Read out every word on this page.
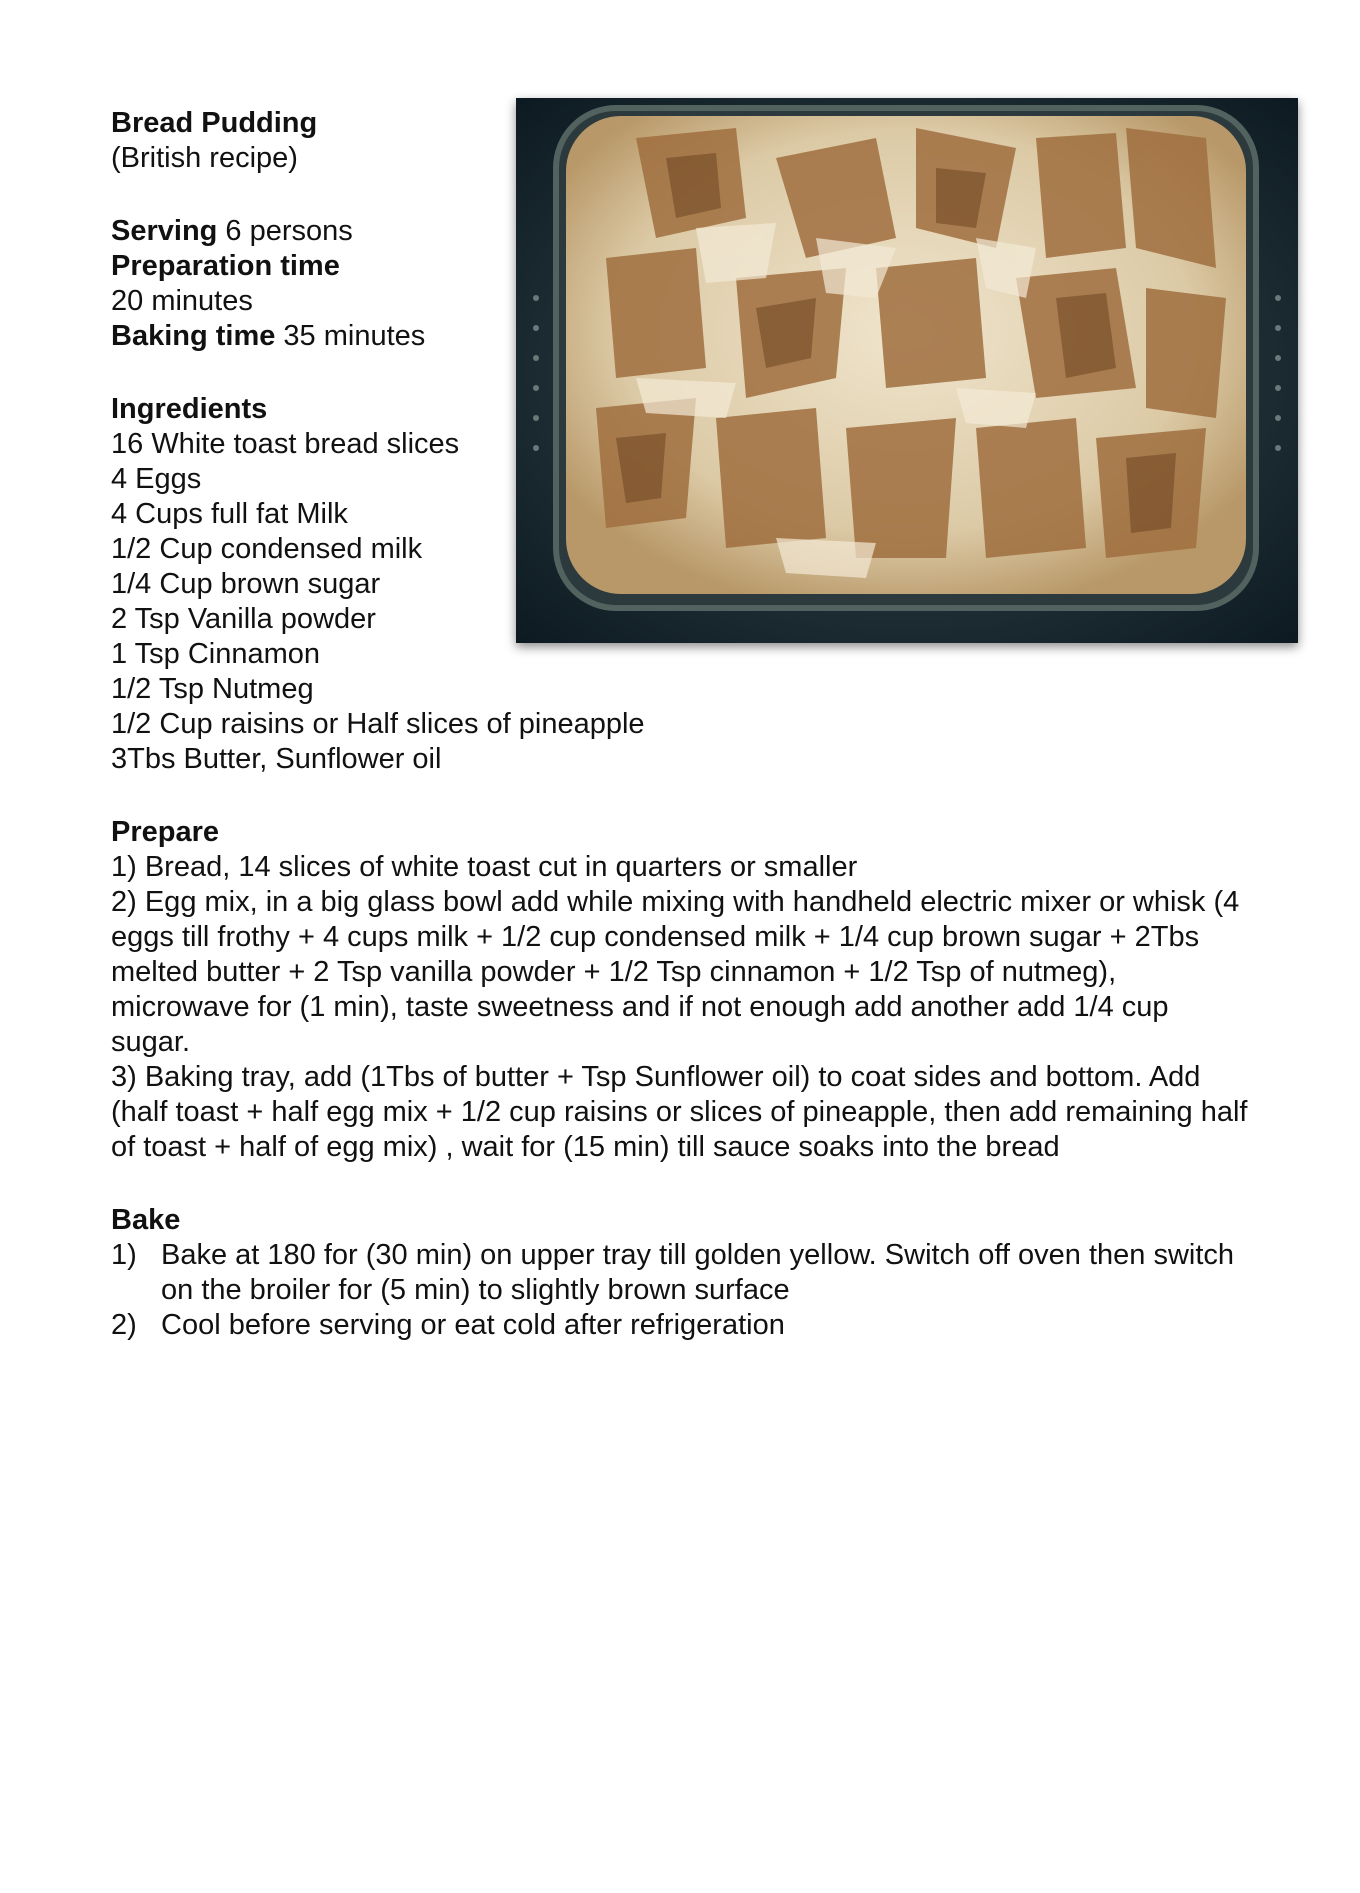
Bread Pudding
(British recipe)
Serving 6 persons
Preparation time
20 minutes
Baking time 35 minutes
Ingredients
16 White toast bread slices
4 Eggs
4 Cups full fat Milk
1/2 Cup condensed milk
1/4 Cup brown sugar
2 Tsp Vanilla powder
1 Tsp Cinnamon
1/2 Tsp Nutmeg
1/2 Cup raisins or Half slices of pineapple
3Tbs Butter, Sunflower oil
Prepare
1) Bread, 14 slices of white toast cut in quarters or smaller
2) Egg mix, in a big glass bowl add while mixing with handheld electric mixer or whisk (4 eggs till frothy + 4 cups milk + 1/2 cup condensed milk + 1/4 cup brown sugar + 2Tbs melted butter + 2 Tsp vanilla powder + 1/2 Tsp cinnamon + 1/2 Tsp of nutmeg), microwave for (1 min), taste sweetness and if not enough add another add 1/4 cup sugar.
3) Baking tray, add (1Tbs of butter + Tsp Sunflower oil) to coat sides and bottom. Add (half toast + half egg mix + 1/2 cup raisins or slices of pineapple, then add remaining half of toast + half of egg mix) , wait for (15 min) till sauce soaks into the bread
Bake
1) Bake at 180 for (30 min) on upper tray till golden yellow. Switch off oven then switch on the broiler for (5 min) to slightly brown surface
2) Cool before serving or eat cold after refrigeration
